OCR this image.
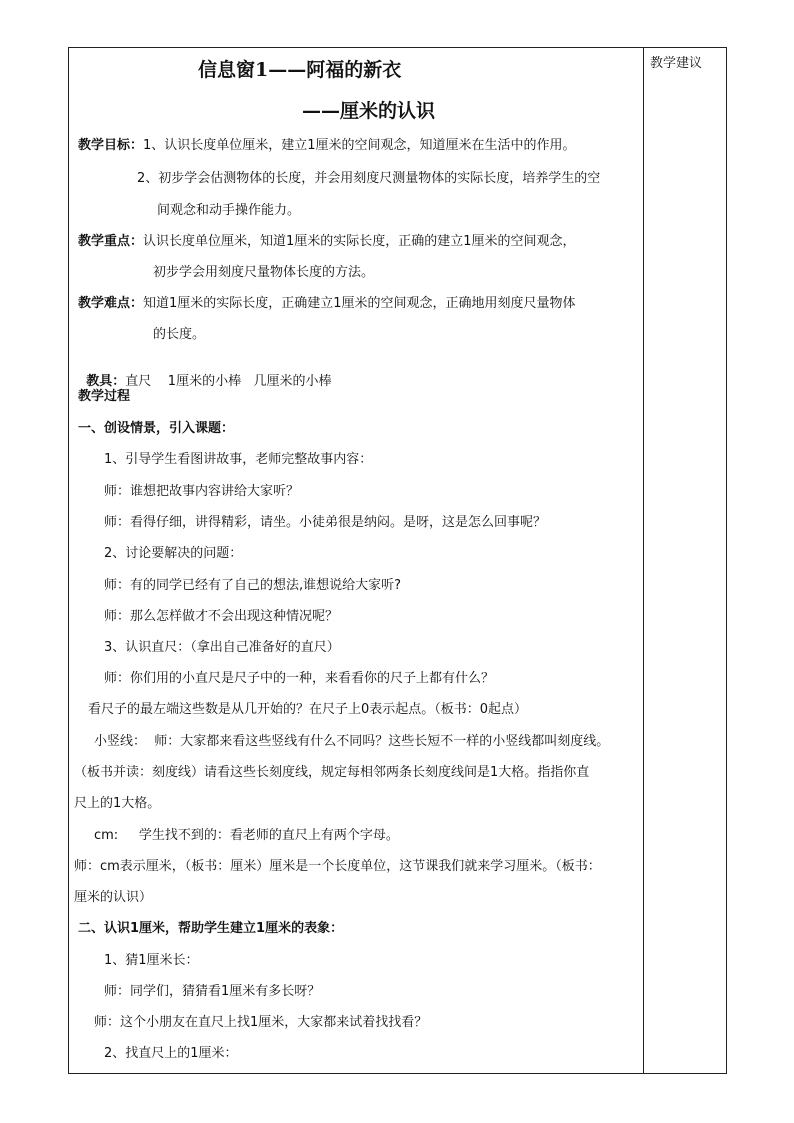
教学建议
信息窗1——阿福的新衣
——厘米的认识
教学目标：1、认识长度单位厘米，建立1厘米的空间观念，知道厘米在生活中的作用。
2、初步学会估测物体的长度，并会用刻度尺测量物体的实际长度，培养学生的空
间观念和动手操作能力。
教学重点：认识长度单位厘米，知道1厘米的实际长度，正确的建立1厘米的空间观念，
初步学会用刻度尺量物体长度的方法。
教学难点：知道1厘米的实际长度，正确建立1厘米的空间观念，正确地用刻度尺量物体
的长度。

教具：直尺    1厘米的小棒   几厘米的小棒

教学过程
一、创设情景，引入课题：
1、引导学生看图讲故事，老师完整故事内容：
师：谁想把故事内容讲给大家听？
师：看得仔细，讲得精彩，请坐。小徒弟很是纳闷。是呀，这是怎么回事呢？
2、讨论要解决的问题：
师：有的同学已经有了自己的想法,谁想说给大家听?
师：那么怎样做才不会出现这种情况呢？
3、认识直尺：（拿出自己准备好的直尺）
师：你们用的小直尺是尺子中的一种，来看看你的尺子上都有什么？
看尺子的最左端这些数是从几开始的？在尺子上0表示起点。（板书：0起点）
小竖线：  师：大家都来看这些竖线有什么不同吗？这些长短不一样的小竖线都叫刻度线。
（板书并读：刻度线）请看这些长刻度线，规定每相邻两条长刻度线间是1大格。指指你直
尺上的1大格。
cm:     学生找不到的：看老师的直尺上有两个字母。
师：cm表示厘米，（板书：厘米）厘米是一个长度单位，这节课我们就来学习厘米。（板书：
厘米的认识）
二、认识1厘米，帮助学生建立1厘米的表象：
1、猜1厘米长：
师：同学们，猜猜看1厘米有多长呀？
师：这个小朋友在直尺上找1厘米，大家都来试着找找看？
2、找直尺上的1厘米：
